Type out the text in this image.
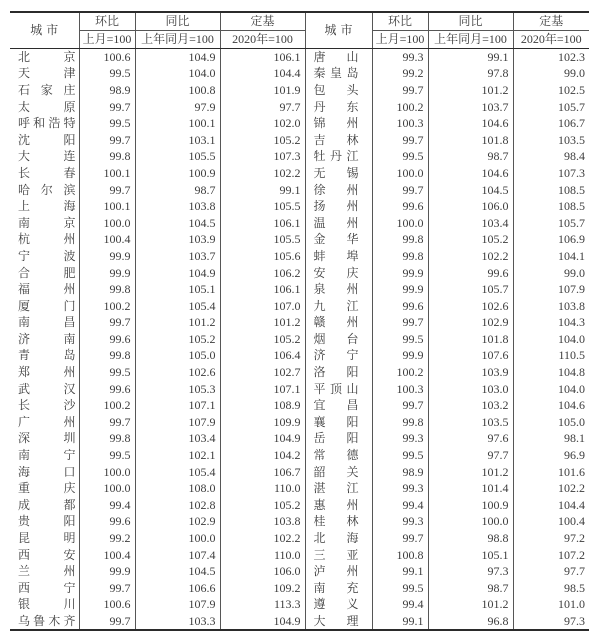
城市	环比	同比	定基	城市	环比	同比	定基
	上月=100	上年同月=100	2020年=100		上月=100	上年同月=100	2020年=100
北京	100.6	104.9	106.1	唐山	99.3	99.1	102.3
天津	99.5	104.0	104.4	秦皇岛	99.2	97.8	99.0
石家庄	98.9	100.8	101.9	包头	99.7	101.2	102.5
太原	99.7	97.9	97.7	丹东	100.2	103.7	105.7
呼和浩特	99.5	100.1	102.0	锦州	100.3	104.6	106.7
沈阳	99.7	103.1	105.2	吉林	99.7	101.8	103.5
大连	99.8	105.5	107.3	牡丹江	99.5	98.7	98.4
长春	100.1	100.9	102.2	无锡	100.0	104.6	107.3
哈尔滨	99.7	98.7	99.1	徐州	99.7	104.5	108.5
上海	100.1	103.8	105.5	扬州	99.6	106.0	108.5
南京	100.0	104.5	106.1	温州	100.0	103.4	105.7
杭州	100.4	103.9	105.5	金华	99.8	105.2	106.9
宁波	99.9	103.7	105.6	蚌埠	99.8	102.2	104.1
合肥	99.9	104.9	106.2	安庆	99.9	99.6	99.0
福州	99.8	105.1	106.1	泉州	99.9	105.7	107.9
厦门	100.2	105.4	107.0	九江	99.6	102.6	103.8
南昌	99.7	101.2	101.2	赣州	99.7	102.9	104.3
济南	99.6	105.2	105.2	烟台	99.5	101.8	104.0
青岛	99.8	105.0	106.4	济宁	99.9	107.6	110.5
郑州	99.5	102.6	102.7	洛阳	100.2	103.9	104.8
武汉	99.6	105.3	107.1	平顶山	100.3	103.0	104.0
长沙	100.2	107.1	108.9	宜昌	99.7	103.2	104.6
广州	99.7	107.9	109.9	襄阳	99.8	103.5	105.0
深圳	99.8	103.4	104.9	岳阳	99.3	97.6	98.1
南宁	99.5	102.1	104.2	常德	99.5	97.7	96.9
海口	100.0	105.4	106.7	韶关	98.9	101.2	101.6
重庆	100.0	108.0	110.0	湛江	99.3	101.4	102.2
成都	99.4	102.8	105.2	惠州	99.4	100.9	104.4
贵阳	99.6	102.9	103.8	桂林	99.3	100.0	100.4
昆明	99.2	100.0	102.2	北海	99.7	98.8	97.2
西安	100.4	107.4	110.0	三亚	100.8	105.1	107.2
兰州	99.9	104.5	106.0	泸州	99.1	97.3	97.7
西宁	99.7	106.6	109.2	南充	99.5	98.7	98.5
银川	100.6	107.9	113.3	遵义	99.4	101.2	101.0
乌鲁木齐	99.7	103.3	104.9	大理	99.1	96.8	97.3
